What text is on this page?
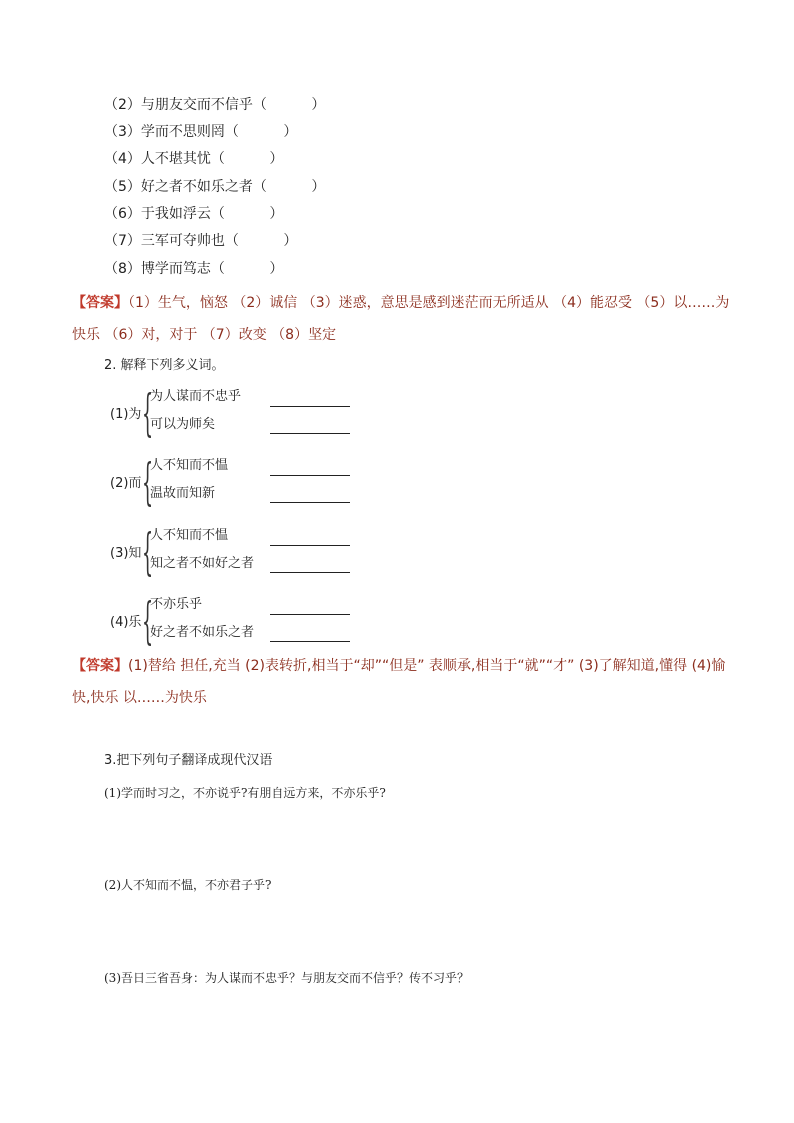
（2）与朋友交而不信乎（          ）
（3）学而不思则罔（          ）
（4）人不堪其忧（          ）
（5）好之者不如乐之者（          ）
（6）于我如浮云（          ）
（7）三军可夺帅也（          ）
（8）博学而笃志（          ）
【答案】（1）生气，恼怒 （2）诚信 （3）迷惑，意思是感到迷茫而无所适从 （4）能忍受 （5）以……为快乐 （6）对，对于 （7）改变 （8）坚定
2. 解释下列多义词。
(1)为 {
为人谋而不忠乎
可以为师矣
(2)而 {
人不知而不愠
温故而知新
(3)知 {
人不知而不愠
知之者不如好之者
(4)乐 {
不亦乐乎
好之者不如乐之者
【答案】(1)替给 担任,充当 (2)表转折,相当于“却”“但是” 表顺承,相当于“就”“才” (3)了解知道,懂得 (4)愉快,快乐 以……为快乐
3.把下列句子翻译成现代汉语
(1)学而时习之，不亦说乎?有朋自远方来，不亦乐乎?
(2)人不知而不愠，不亦君子乎?
(3)吾日三省吾身：为人谋而不忠乎？与朋友交而不信乎？传不习乎？
